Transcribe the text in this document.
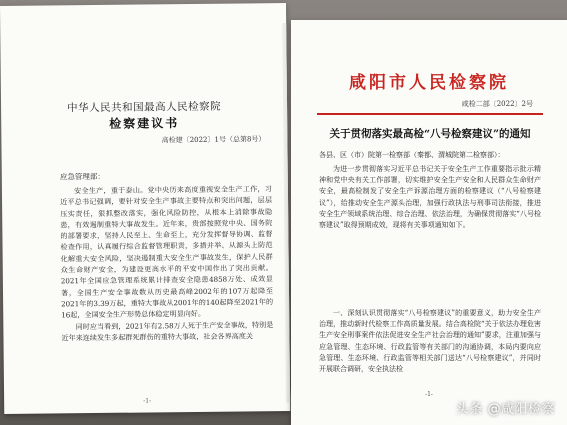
中华人民共和国最高人民检察院
检察建议书
高检建〔2022〕1号（总第8号）
应急管理部：

安全生产，重于泰山。党中央历来高度重视安全生产工作，习近平总书记强调，要针对安全生产事故主要特点和突出问题，层层压实责任，狠抓整改落实，强化风险防控，从根本上消除事故隐患，有效遏制重特大事故发生。近年来，贵部按照党中央、国务院的部署要求，坚持人民至上、生命至上，充分发挥督导协调、监督检查作用，认真履行综合监督管理职责，多措并举、从源头上防范化解重大安全风险，坚决遏制重大安全生产事故发生，保护人民群众生命财产安全，为建设更高水平的平安中国作出了突出贡献。2021年全国应急管理系统累计排查安全隐患4858万处、成效显著，全国生产安全事故数从历史最高峰2002年的107万起降至2021年的3.39万起，重特大事故从2001年的140起降至2021年的16起，全国安全生产形势总体稳定明显向好。

同时应当看到，2021年有2.58万人死于生产安全事故，特别是近年来连续发生多起群死群伤的重特大事故，社会各界高度关

-1-
咸阳市人民检察院
咸检二部〔2022〕2号
关于贯彻落实最高检“八号检察建议”的通知
各县、区（市）院第一检察部（秦都、渭城院第二检察部）：

为进一步贯彻落实习近平总书记关于安全生产工作重要指示批示精神和党中央有关工作部署，切实维护安全生产安全和人民群众生命财产安全，最高检制发了安全生产诉源治理方面的检察建议（“八号检察建议”），给推动安全生产源头治理，加强行政执法与刑事司法衔接，推进安全生产领域系统治理、综合治理、依法治理，为确保贯彻落实“八号检察建议”取得预期成效，现将有关事项通知如下。

一、深刻认识贯彻落实“八号检察建议”的重要意义，助力安全生产治理，推动新时代检察工作高质量发展。结合高检院“关于依法办理危害生产安全刑事案件依法促进安全生产社会治理的通知”要求，注重加强与应急管理、生态环境、行政监管等有关部门的沟通协调，本局内要向应急管理、生态环境、行政监管等相关部门送达“八号检察建议”，并同时开展联合调研，安全执法检

-1-
头条 @咸阳检察
